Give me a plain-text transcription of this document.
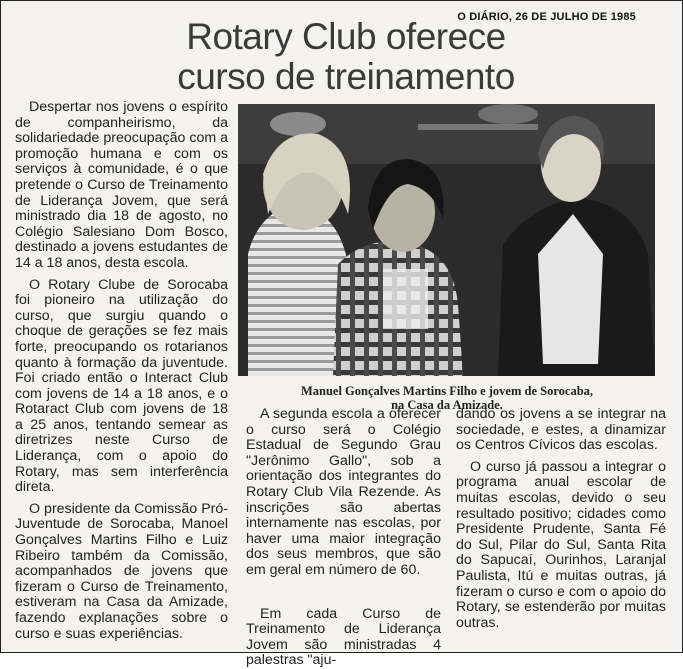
O DIÁRIO, 26 DE JULHO DE 1985
Rotary Club oferece
curso de treinamento

Despertar nos jovens o espírito de companheirismo, da solidariedade preocupação com a promoção humana e com os serviços à comunidade, é o que pretende o Curso de Treinamento de Liderança Jovem, que será ministrado dia 18 de agosto, no Colégio Salesiano Dom Bosco, destinado a jovens estudantes de 14 a 18 anos, desta escola.

O Rotary Clube de Sorocaba foi pioneiro na utilização do curso, que surgiu quando o choque de gerações se fez mais forte, preocupando os rotarianos quanto à formação da juventude. Foi criado então o Interact Club com jovens de 14 a 18 anos, e o Rotaract Club com jovens de 18 a 25 anos, tentando semear as diretrizes neste Curso de Liderança, com o apoio do Rotary, mas sem interferência direta.

O presidente da Comissão Pró-Juventude de Sorocaba, Manoel Gonçalves Martins Filho e Luiz Ribeiro também da Comissão, acompanhados de jovens que fizeram o Curso de Treinamento, estiveram na Casa da Amizade, fazendo explanações sobre o curso e suas experiências.

Manuel Gonçalves Martins Filho e jovem de Sorocaba,
na Casa da Amizade.

A segunda escola a oferecer o curso será o Colégio Estadual de Segundo Grau "Jerônimo Gallo", sob a orientação dos integrantes do Rotary Club Vila Rezende. As inscrições são abertas internamente nas escolas, por haver uma maior integração dos seus membros, que são em geral em número de 60.

Em cada Curso de Treinamento de Liderança Jovem são ministradas 4 palestras "aju-

dando os jovens a se integrar na sociedade, e estes, a dinamizar os Centros Cívicos das escolas.

O curso já passou a integrar o programa anual escolar de muitas escolas, devido o seu resultado positivo; cidades como Presidente Prudente, Santa Fé do Sul, Pilar do Sul, Santa Rita do Sapucaí, Ourinhos, Laranjal Paulista, Itú e muitas outras, já fizeram o curso e com o apoio do Rotary, se estenderão por muitas outras.
